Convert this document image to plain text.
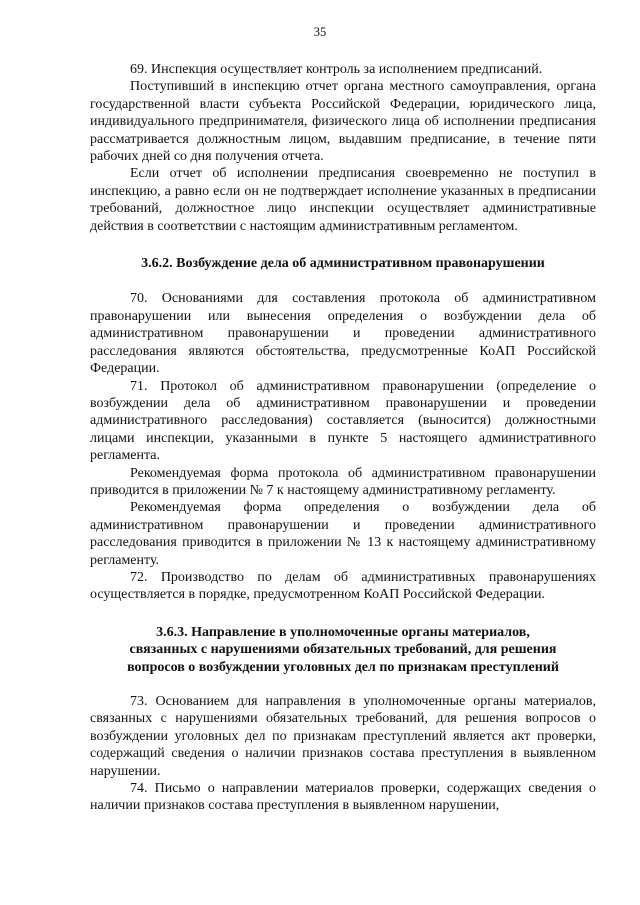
35

69. Инспекция осуществляет контроль за исполнением предписаний.

Поступивший в инспекцию отчет органа местного самоуправления, органа государственной власти субъекта Российской Федерации, юридического лица, индивидуального предпринимателя, физического лица об исполнении предписания рассматривается должностным лицом, выдавшим предписание, в течение пяти рабочих дней со дня получения отчета.

Если отчет об исполнении предписания своевременно не поступил в инспекцию, а равно если он не подтверждает исполнение указанных в предписании требований, должностное лицо инспекции осуществляет административные действия в соответствии с настоящим административным регламентом.

3.6.2. Возбуждение дела об административном правонарушении

70. Основаниями для составления протокола об административном правонарушении или вынесения определения о возбуждении дела об административном правонарушении и проведении административного расследования являются обстоятельства, предусмотренные КоАП Российской Федерации.

71. Протокол об административном правонарушении (определение о возбуждении дела об административном правонарушении и проведении административного расследования) составляется (выносится) должностными лицами инспекции, указанными в пункте 5 настоящего административного регламента.

Рекомендуемая форма протокола об административном правонарушении приводится в приложении № 7 к настоящему административному регламенту.

Рекомендуемая форма определения о возбуждении дела об административном правонарушении и проведении административного расследования приводится в приложении № 13 к настоящему административному регламенту.

72. Производство по делам об административных правонарушениях осуществляется в порядке, предусмотренном КоАП Российской Федерации.

3.6.3. Направление в уполномоченные органы материалов,
связанных с нарушениями обязательных требований, для решения
вопросов о возбуждении уголовных дел по признакам преступлений

73. Основанием для направления в уполномоченные органы материалов, связанных с нарушениями обязательных требований, для решения вопросов о возбуждении уголовных дел по признакам преступлений является акт проверки, содержащий сведения о наличии признаков состава преступления в выявленном нарушении.

74. Письмо о направлении материалов проверки, содержащих сведения о наличии признаков состава преступления в выявленном нарушении,
